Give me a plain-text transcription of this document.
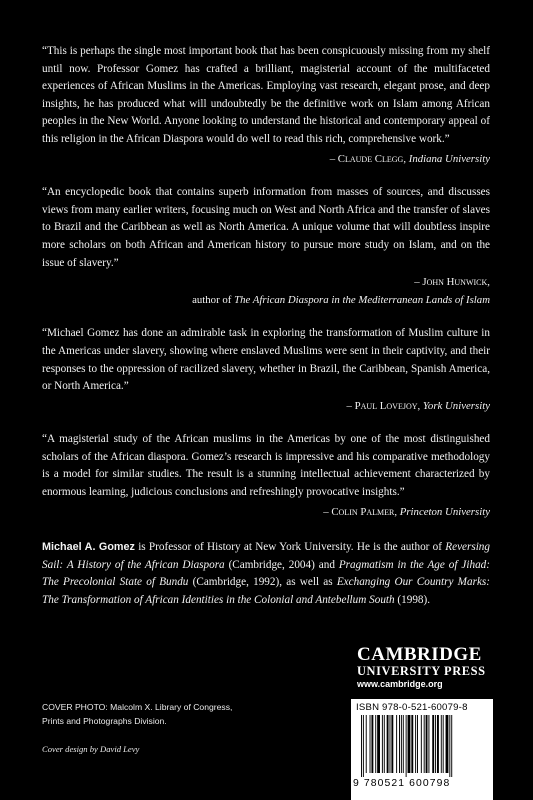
“This is perhaps the single most important book that has been conspicuously missing from my shelf until now. Professor Gomez has crafted a brilliant, magisterial account of the multifaceted experiences of African Muslims in the Americas. Employing vast research, elegant prose, and deep insights, he has produced what will undoubtedly be the definitive work on Islam among African peoples in the New World. Anyone looking to understand the historical and contemporary appeal of this religion in the African Diaspora would do well to read this rich, comprehensive work.”

– Claude Clegg, Indiana University

“An encyclopedic book that contains superb information from masses of sources, and discusses views from many earlier writers, focusing much on West and North Africa and the transfer of slaves to Brazil and the Caribbean as well as North America. A unique volume that will doubtless inspire more scholars on both African and American history to pursue more study on Islam, and on the issue of slavery.”

– John Hunwick,
author of The African Diaspora in the Mediterranean Lands of Islam

“Michael Gomez has done an admirable task in exploring the transformation of Muslim culture in the Americas under slavery, showing where enslaved Muslims were sent in their captivity, and their responses to the oppression of racilized slavery, whether in Brazil, the Caribbean, Spanish America, or North America.”

– Paul Lovejoy, York University

“A magisterial study of the African muslims in the Americas by one of the most distinguished scholars of the African diaspora. Gomez’s research is impressive and his comparative methodology is a model for similar studies. The result is a stunning intellectual achievement characterized by enormous learning, judicious conclusions and refreshingly provocative insights.”

– Colin Palmer, Princeton University

Michael A. Gomez is Professor of History at New York University. He is the author of Reversing Sail: A History of the African Diaspora (Cambridge, 2004) and Pragmatism in the Age of Jihad: The Precolonial State of Bundu (Cambridge, 1992), as well as Exchanging Our Country Marks: The Transformation of African Identities in the Colonial and Antebellum South (1998).

CAMBRIDGE
UNIVERSITY PRESS
www.cambridge.org
COVER PHOTO: Malcolm X. Library of Congress,
Prints and Photographs Division.
Cover design by David Levy
ISBN 978-0-521-60079-8
9 780521 600798
